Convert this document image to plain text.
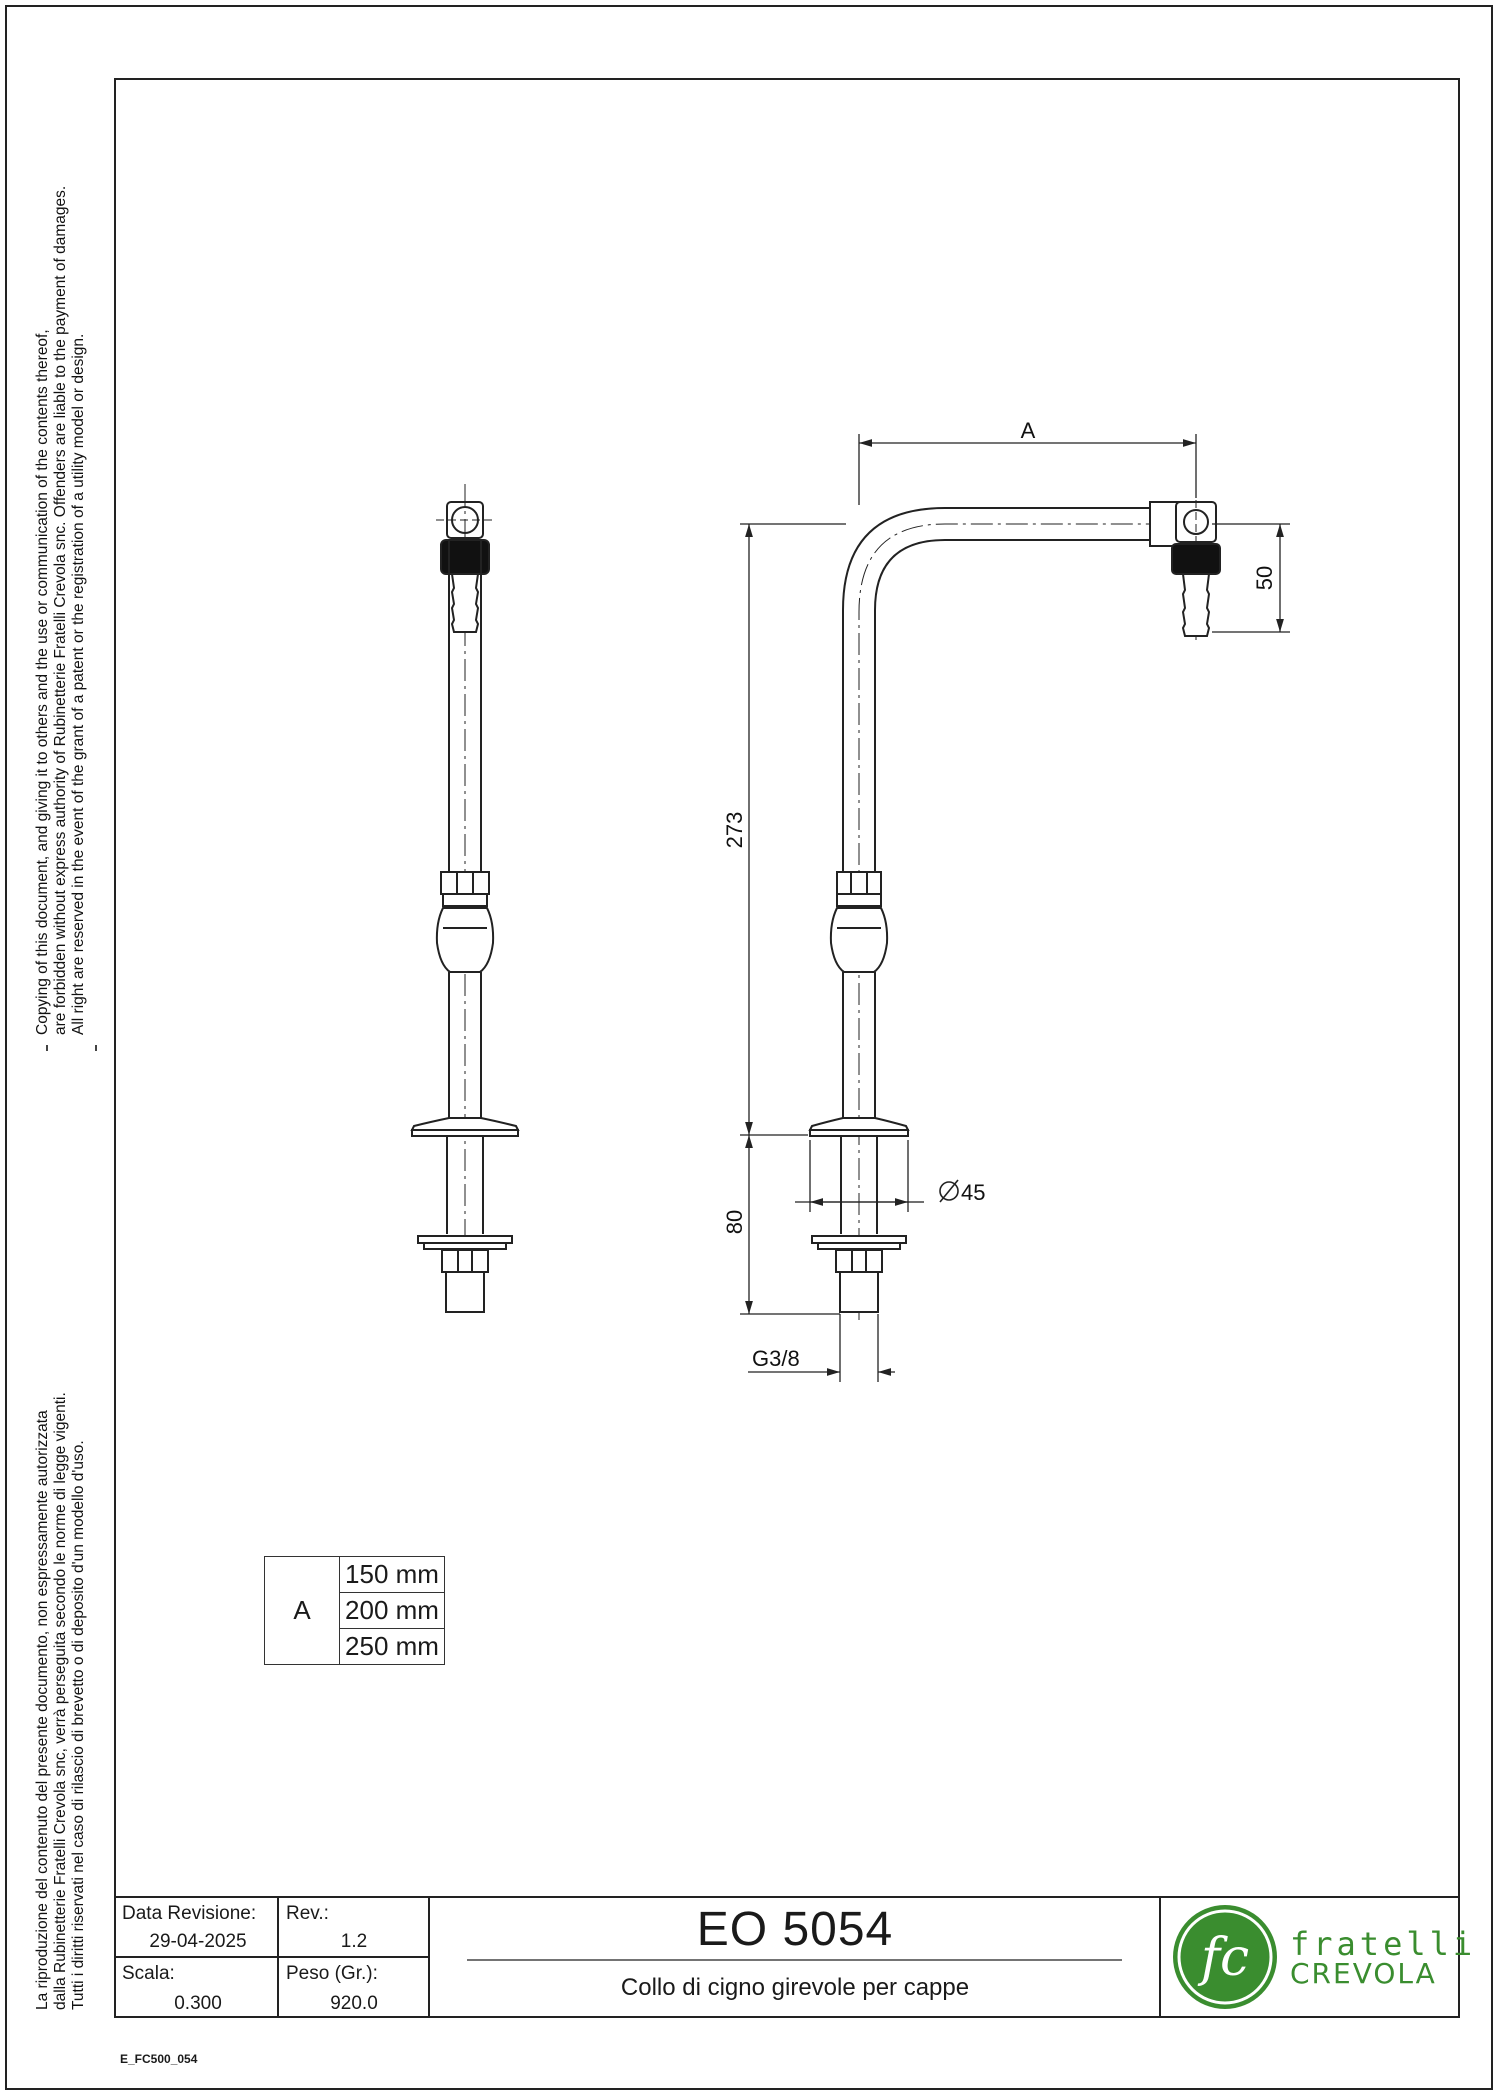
Copying of this document, and giving it to others and the use or communication of the contents thereof, are forbidden without express authority of Rubinetterie Fratelli Crevola snc. Offenders are liable to the payment of damages. All right are reserved in the event of the grant of a patent or the registration of a utility model or design.
La riproduzione del contenuto del presente documento, non espressamente autorizzata dalla Rubinetterie Fratelli Crevola snc, verrà perseguita secondo le norme di legge vigenti. Tutti i diritti riservati nel caso di rilascio di brevetto o di deposito d'un modello d'uso.
A
50
273
80
45
G3/8
fc
A	150 mm
200 mm
250 mm
Data Revisione:
29-04-2025
Rev.:
1.2
Scala:
0.300
Peso (Gr.):
920.0
EO 5054
Collo di cigno girevole per cappe
fratelli
CREVOLA
E_FC500_054
